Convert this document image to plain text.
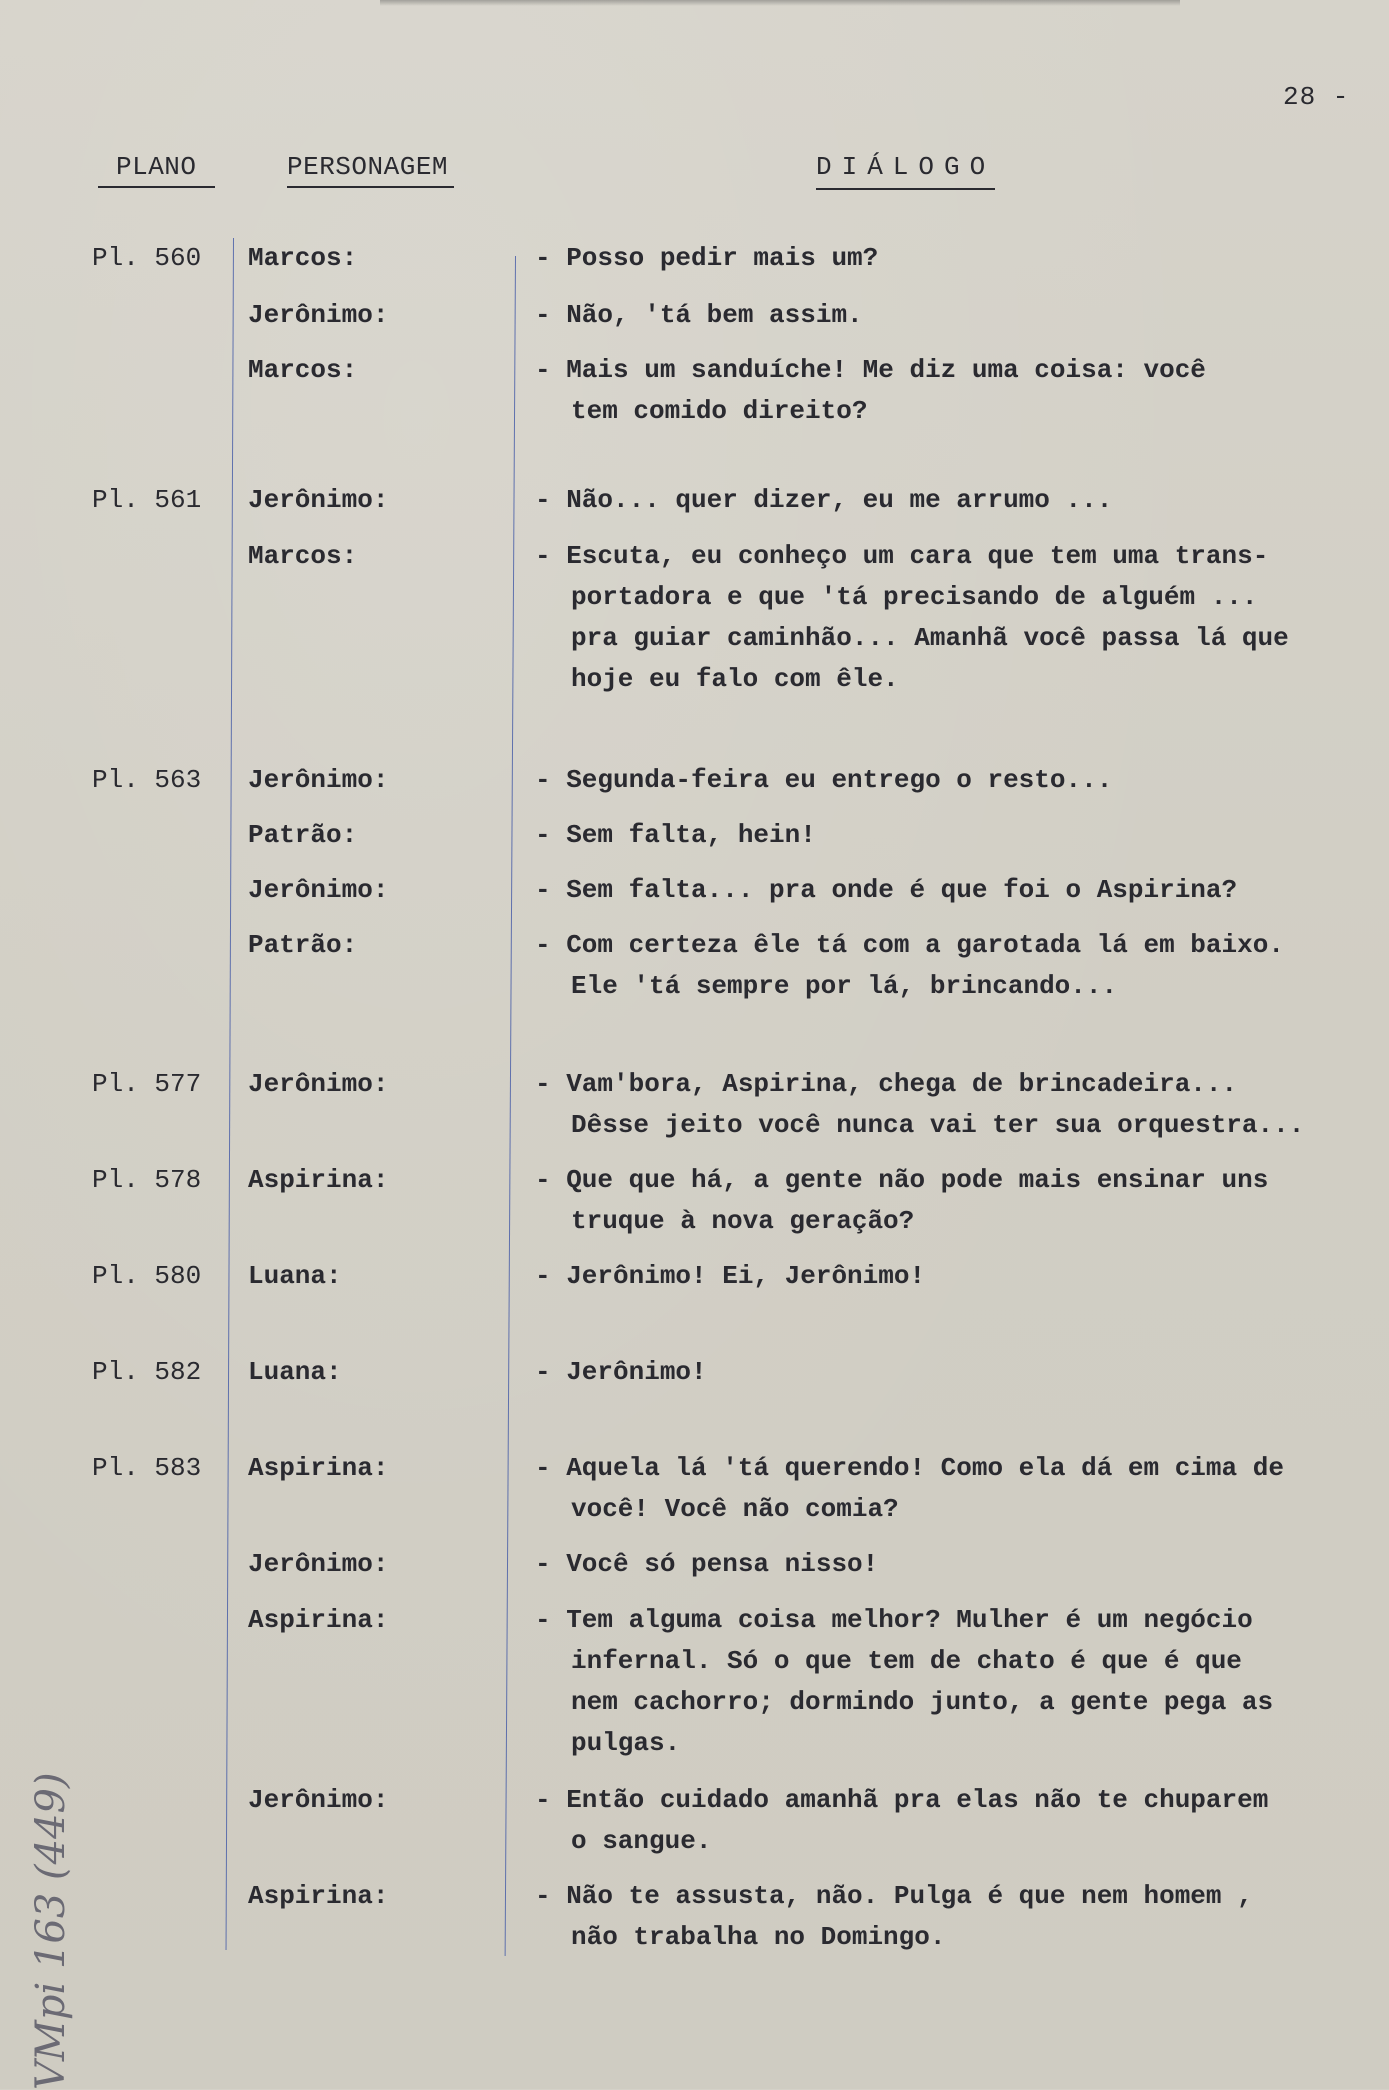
28 -
PLANO	PERSONAGEM	DIÁLOGO
Pl. 560	Marcos:	- Posso pedir mais um?
Jerônimo:	- Não, 'tá bem assim.
Marcos:	- Mais um sanduíche! Me diz uma coisa: você
tem comido direito?
Pl. 561	Jerônimo:	- Não... quer dizer, eu me arrumo ...
Marcos:	- Escuta, eu conheço um cara que tem uma trans-
portadora e que 'tá precisando de alguém ...
pra guiar caminhão... Amanhã você passa lá que
hoje eu falo com êle.
Pl. 563	Jerônimo:	- Segunda-feira eu entrego o resto...
Patrão:	- Sem falta, hein!
Jerônimo:	- Sem falta... pra onde é que foi o Aspirina?
Patrão:	- Com certeza êle tá com a garotada lá em baixo.
Ele 'tá sempre por lá, brincando...
Pl. 577	Jerônimo:	- Vam'bora, Aspirina, chega de brincadeira...
Dêsse jeito você nunca vai ter sua orquestra...
Pl. 578	Aspirina:	- Que que há, a gente não pode mais ensinar uns
truque à nova geração?
Pl. 580	Luana:	- Jerônimo! Ei, Jerônimo!
Pl. 582	Luana:	- Jerônimo!
Pl. 583	Aspirina:	- Aquela lá 'tá querendo! Como ela dá em cima de
você! Você não comia?
Jerônimo:	- Você só pensa nisso!
Aspirina:	- Tem alguma coisa melhor? Mulher é um negócio
infernal. Só o que tem de chato é que é que
nem cachorro; dormindo junto, a gente pega as
pulgas.
Jerônimo:	- Então cuidado amanhã pra elas não te chuparem
o sangue.
Aspirina:	- Não te assusta, não. Pulga é que nem homem ,
não trabalha no Domingo.
VMpi 163 (449)
